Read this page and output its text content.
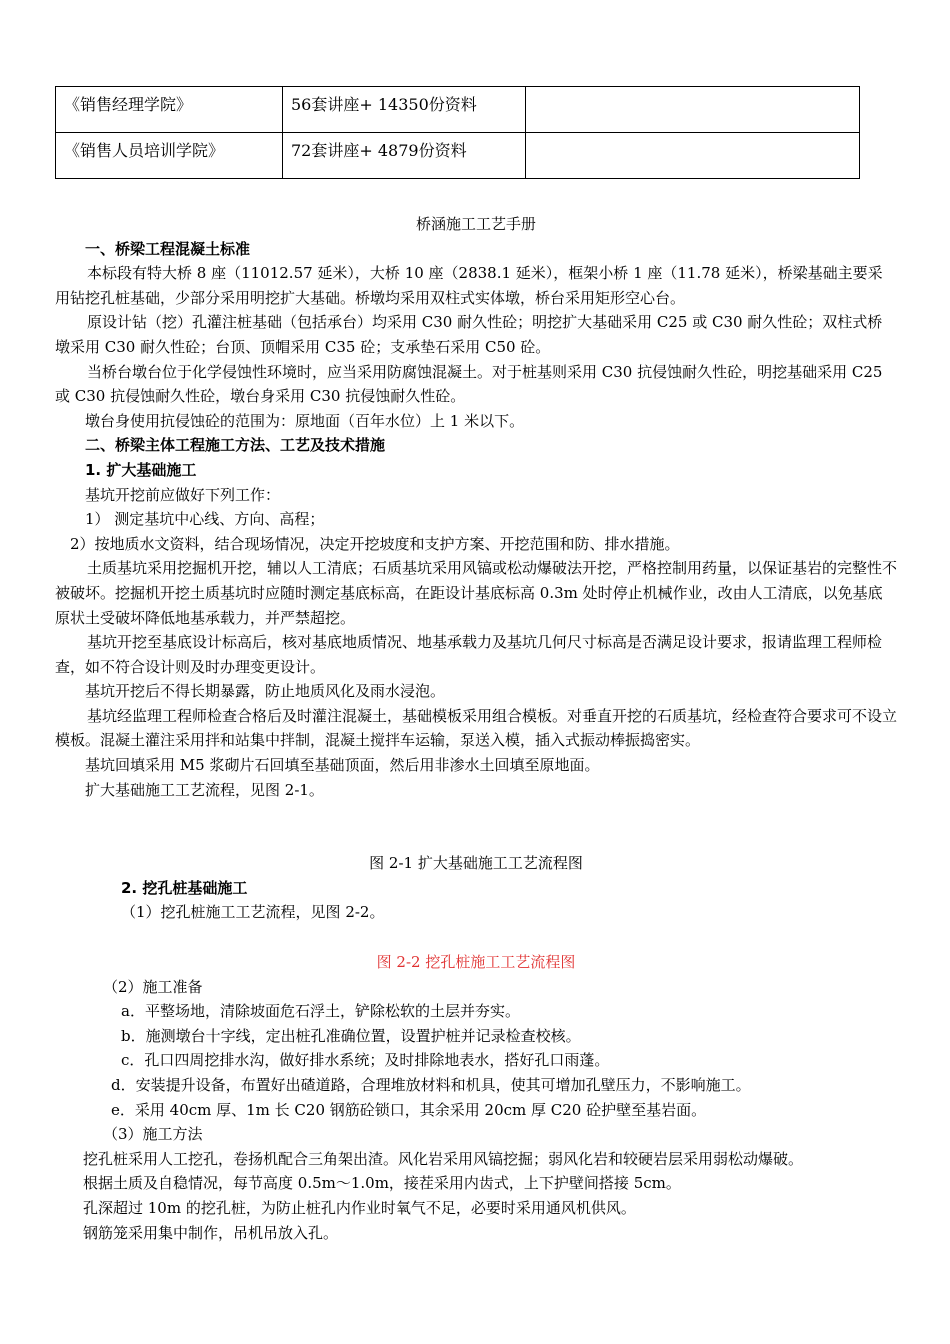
《销售经理学院》	56套讲座+ 14350份资料	
《销售人员培训学院》	72套讲座+ 4879份资料	
桥涵施工工艺手册
一、桥梁工程混凝土标准
本标段有特大桥 8 座（11012.57 延米），大桥 10 座（2838.1 延米），框架小桥 1 座（11.78 延米），桥梁基础主要采用钻挖孔桩基础，少部分采用明挖扩大基础。桥墩均采用双柱式实体墩，桥台采用矩形空心台。
原设计钻（挖）孔灌注桩基础（包括承台）均采用 C30 耐久性砼；明挖扩大基础采用 C25 或 C30 耐久性砼；双柱式桥墩采用 C30 耐久性砼；台顶、顶帽采用 C35 砼；支承垫石采用 C50 砼。
当桥台墩台位于化学侵蚀性环境时，应当采用防腐蚀混凝土。对于桩基则采用 C30 抗侵蚀耐久性砼，明挖基础采用 C25 或 C30 抗侵蚀耐久性砼，墩台身采用 C30 抗侵蚀耐久性砼。
墩台身使用抗侵蚀砼的范围为：原地面（百年水位）上 1 米以下。
二、桥梁主体工程施工方法、工艺及技术措施
1. 扩大基础施工
基坑开挖前应做好下列工作：
1） 测定基坑中心线、方向、高程；
2）按地质水文资料，结合现场情况，决定开挖坡度和支护方案、开挖范围和防、排水措施。
土质基坑采用挖掘机开挖，辅以人工清底；石质基坑采用风镐或松动爆破法开挖，严格控制用药量，以保证基岩的完整性不被破坏。挖掘机开挖土质基坑时应随时测定基底标高，在距设计基底标高 0.3m 处时停止机械作业，改由人工清底，以免基底原状土受破坏降低地基承载力，并严禁超挖。
基坑开挖至基底设计标高后，核对基底地质情况、地基承载力及基坑几何尺寸标高是否满足设计要求，报请监理工程师检查，如不符合设计则及时办理变更设计。
基坑开挖后不得长期暴露，防止地质风化及雨水浸泡。
基坑经监理工程师检查合格后及时灌注混凝土，基础模板采用组合模板。对垂直开挖的石质基坑，经检查符合要求可不设立模板。混凝土灌注采用拌和站集中拌制，混凝土搅拌车运输，泵送入模，插入式振动棒振捣密实。
基坑回填采用 M5 浆砌片石回填至基础顶面，然后用非渗水土回填至原地面。
扩大基础施工工艺流程，见图 2-1。
图 2-1 扩大基础施工工艺流程图
2. 挖孔桩基础施工
（1）挖孔桩施工工艺流程，见图 2-2。
图 2-2 挖孔桩施工工艺流程图
（2）施工准备
a．平整场地，清除坡面危石浮土，铲除松软的土层并夯实。
b．施测墩台十字线，定出桩孔准确位置，设置护桩并记录检查校核。
c．孔口四周挖排水沟，做好排水系统；及时排除地表水，搭好孔口雨蓬。
d．安装提升设备，布置好出碴道路，合理堆放材料和机具，使其可增加孔壁压力，不影响施工。
e．采用 40cm 厚、1m 长 C20 钢筋砼锁口，其余采用 20cm 厚 C20 砼护壁至基岩面。
（3）施工方法
挖孔桩采用人工挖孔，卷扬机配合三角架出渣。风化岩采用风镐挖掘；弱风化岩和较硬岩层采用弱松动爆破。
根据土质及自稳情况，每节高度 0.5m～1.0m，接茬采用内齿式，上下护壁间搭接 5cm。
孔深超过 10m 的挖孔桩，为防止桩孔内作业时氧气不足，必要时采用通风机供风。
钢筋笼采用集中制作，吊机吊放入孔。
